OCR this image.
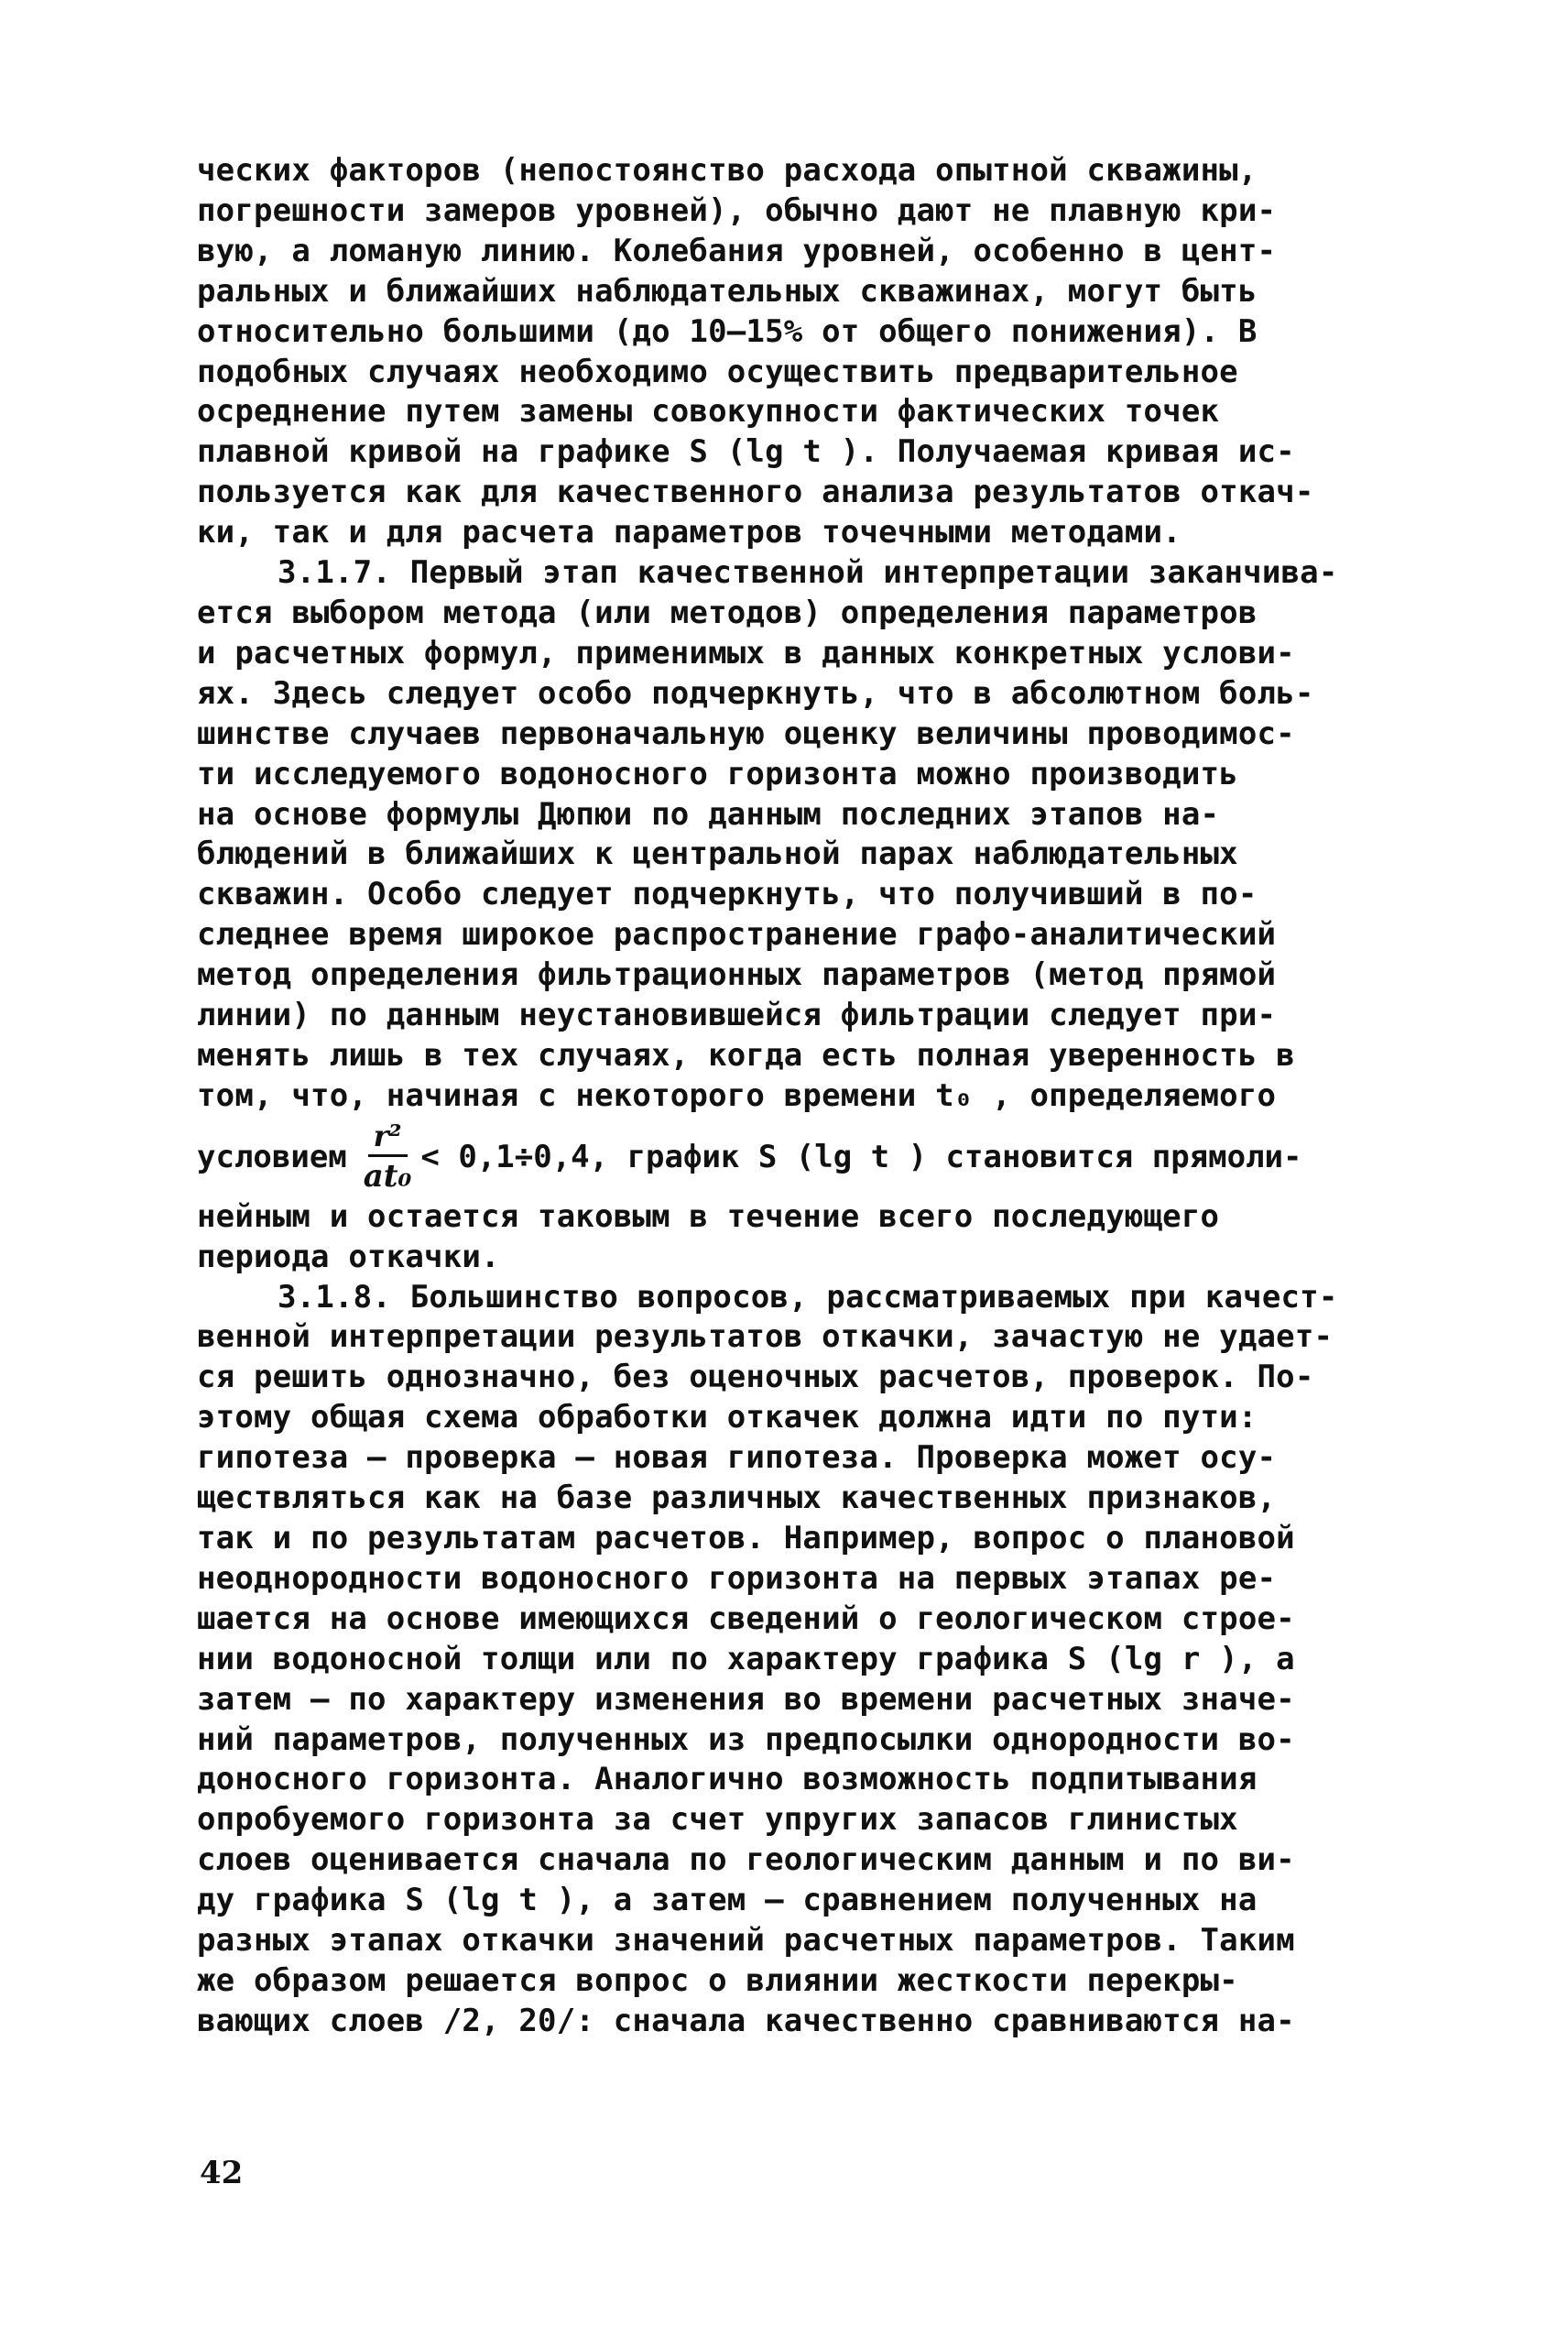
ческих факторов (непостоянство расхода опытной скважины,
погрешности замеров уровней), обычно дают не плавную кри-
вую, а ломаную линию. Колебания уровней, особенно в цент-
ральных и ближайших наблюдательных скважинах, могут быть
относительно большими (до 10–15% от общего понижения). В
подобных случаях необходимо осуществить предварительное
осреднение путем замены совокупности фактических точек
плавной кривой на графике S (lg t ). Получаемая кривая ис-
пользуется как для качественного анализа результатов откач-
ки, так и для расчета параметров точечными методами.
3.1.7. Первый этап качественной интерпретации заканчива-
ется выбором метода (или методов) определения параметров
и расчетных формул, применимых в данных конкретных услови-
ях. Здесь следует особо подчеркнуть, что в абсолютном боль-
шинстве случаев первоначальную оценку величины проводимос-
ти исследуемого водоносного горизонта можно производить
на основе формулы Дюпюи по данным последних этапов на-
блюдений в ближайших к центральной парах наблюдательных
скважин. Особо следует подчеркнуть, что получивший в по-
следнее время широкое распространение графо-аналитический
метод определения фильтрационных параметров (метод прямой
линии) по данным неустановившейся фильтрации следует при-
менять лишь в тех случаях, когда есть полная уверенность в
том, что, начиная с некоторого времени t₀ , определяемого
условием $\frac{\text{r²}}{\text{at₀}} < 0,1\div 0,4$, график S (lg t ) становится прямоли-
нейным и остается таковым в течение всего последующего
периода откачки.
3.1.8. Большинство вопросов, рассматриваемых при качест-
венной интерпретации результатов откачки, зачастую не удает-
ся решить однозначно, без оценочных расчетов, проверок. По-
этому общая схема обработки откачек должна идти по пути:
гипотеза – проверка – новая гипотеза. Проверка может осу-
ществляться как на базе различных качественных признаков,
так и по результатам расчетов. Например, вопрос о плановой
неоднородности водоносного горизонта на первых этапах ре-
шается на основе имеющихся сведений о геологическом строе-
нии водоносной толщи или по характеру графика S (lg r ), а
затем – по характеру изменения во времени расчетных значе-
ний параметров, полученных из предпосылки однородности во-
доносного горизонта. Аналогично возможность подпитывания
опробуемого горизонта за счет упругих запасов глинистых
слоев оценивается сначала по геологическим данным и по ви-
ду графика S (lg t ), а затем – сравнением полученных на
разных этапах откачки значений расчетных параметров. Таким
же образом решается вопрос о влиянии жесткости перекры-
вающих слоев /2, 20/: сначала качественно сравниваются на-
42
